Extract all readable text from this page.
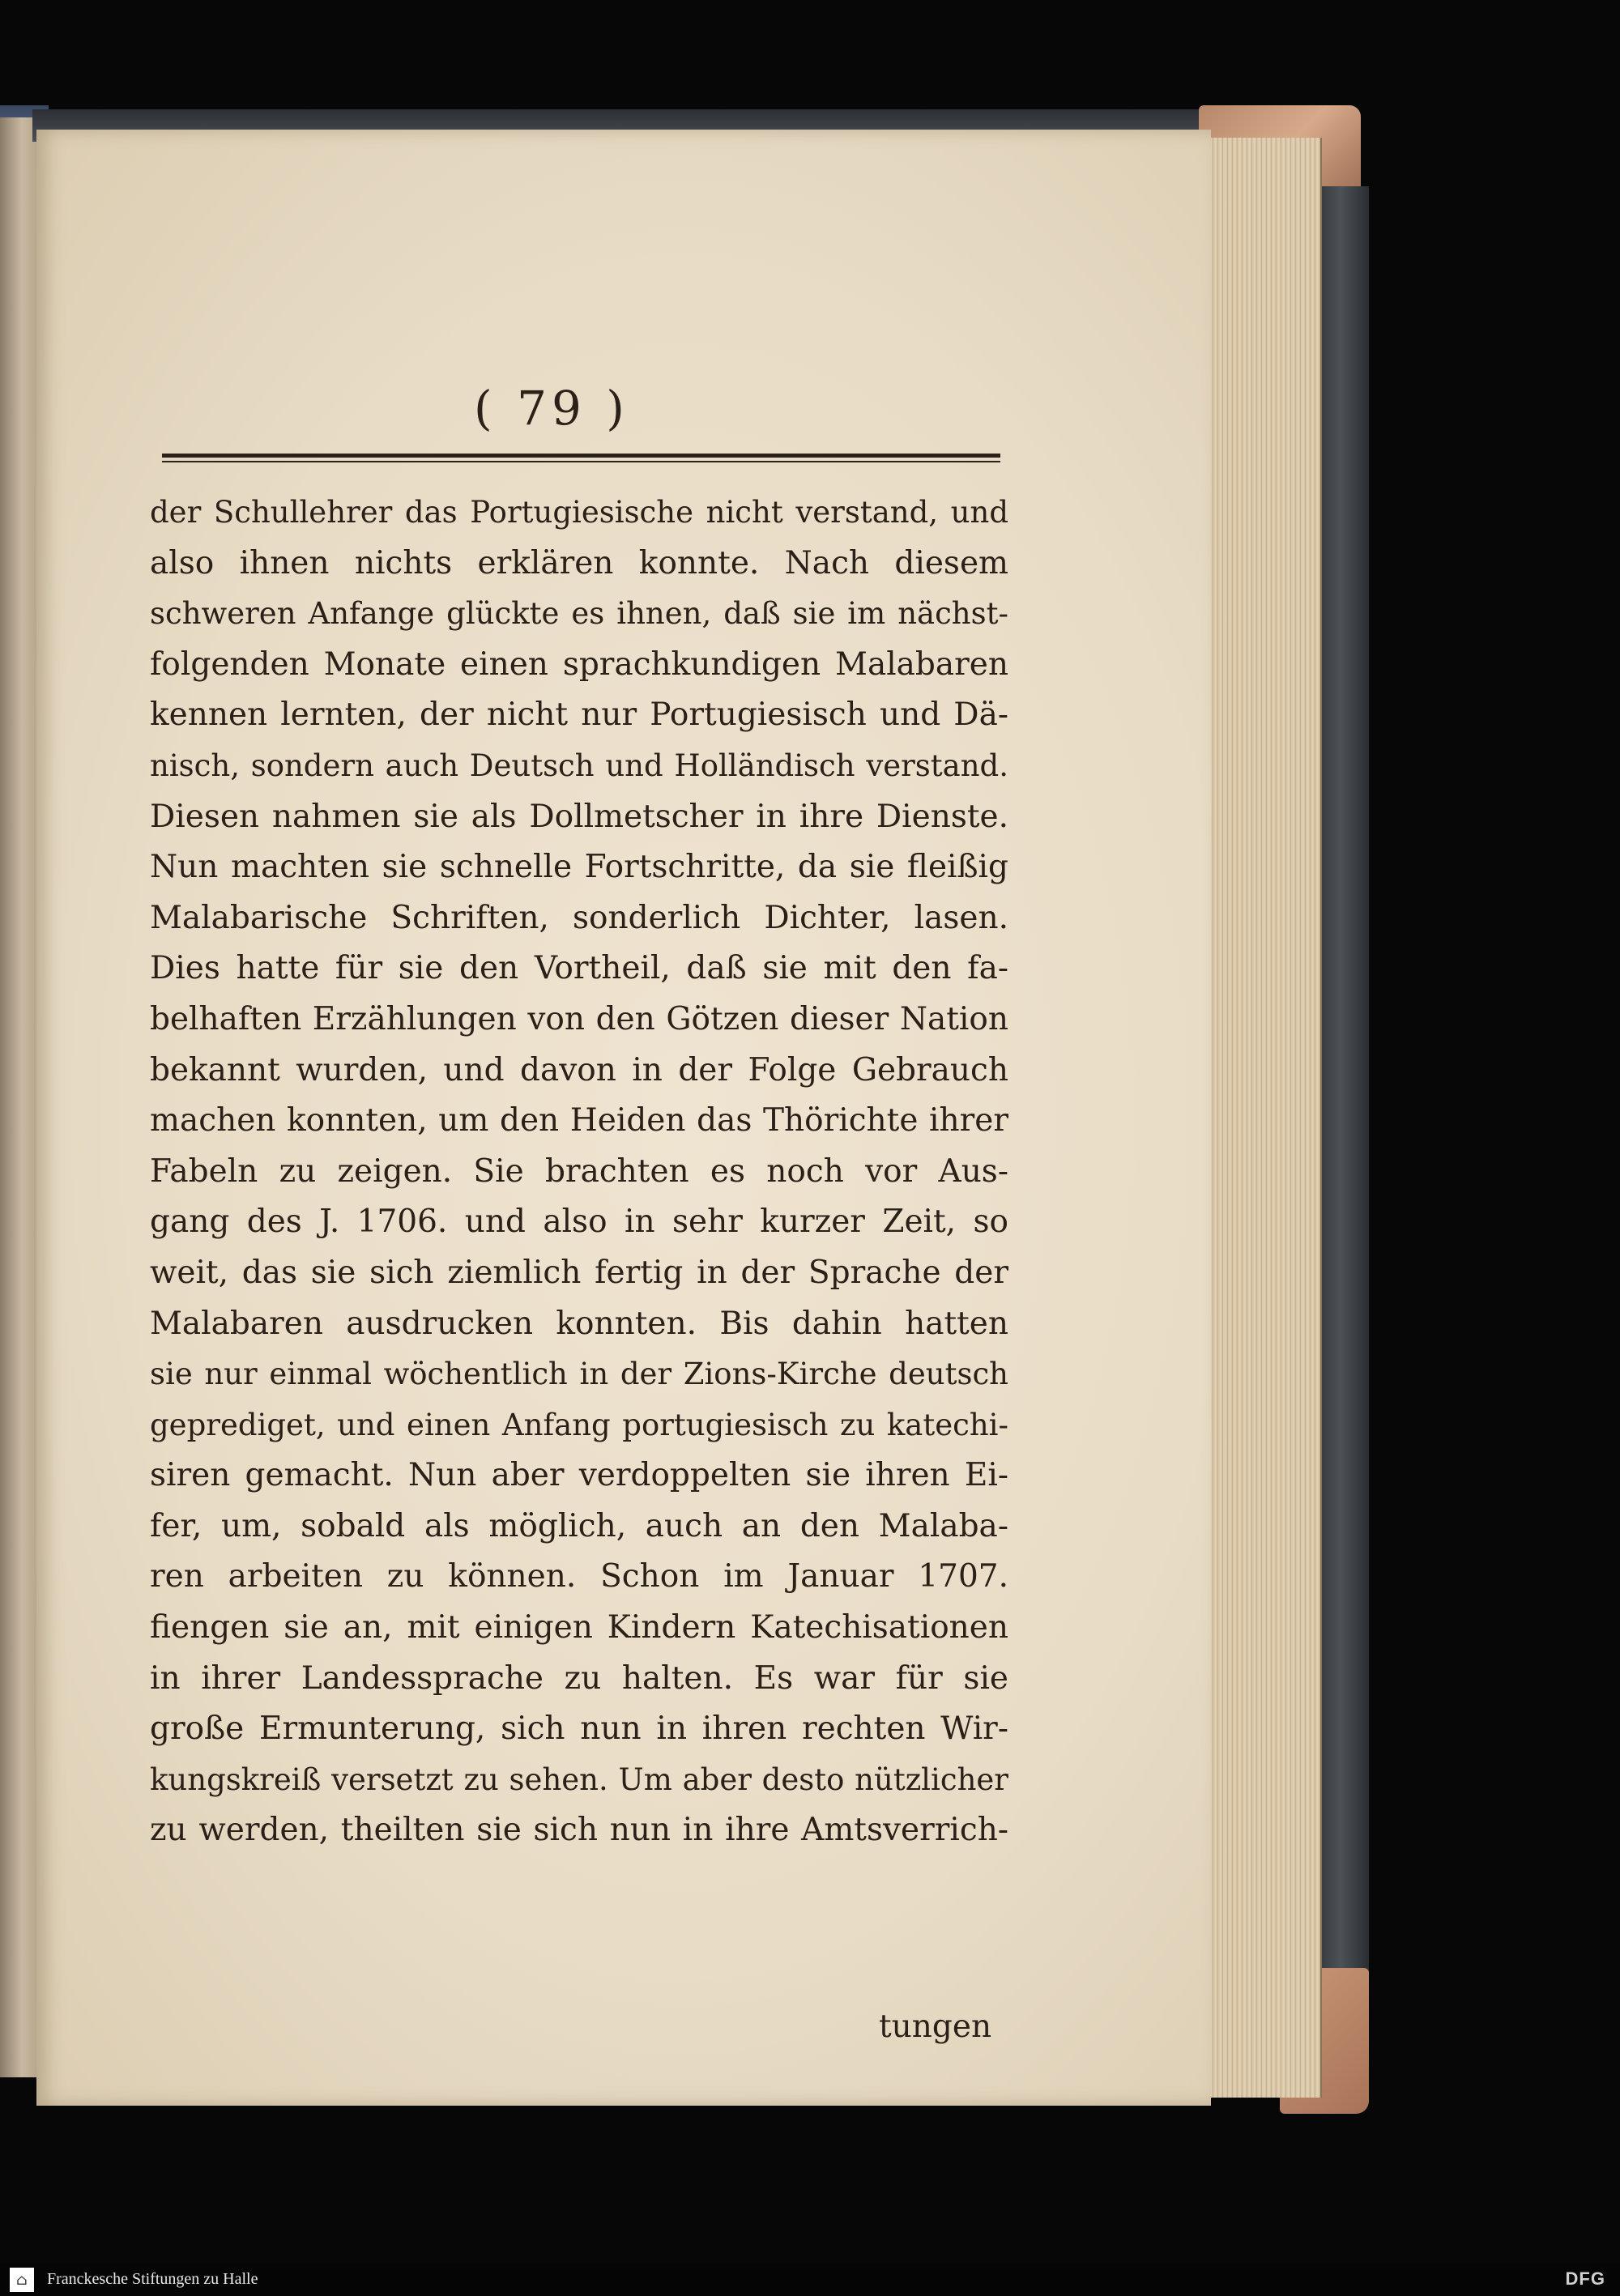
( 79 )
der Schullehrer das Portugiesische nicht verstand, und
also ihnen nichts erklären konnte. Nach diesem
schweren Anfange glückte es ihnen, daß sie im nächst-
folgenden Monate einen sprachkundigen Malabaren
kennen lernten, der nicht nur Portugiesisch und Dä-
nisch, sondern auch Deutsch und Holländisch verstand.
Diesen nahmen sie als Dollmetscher in ihre Dienste.
Nun machten sie schnelle Fortschritte, da sie fleißig
Malabarische Schriften, sonderlich Dichter, lasen.
Dies hatte für sie den Vortheil, daß sie mit den fa-
belhaften Erzählungen von den Götzen dieser Nation
bekannt wurden, und davon in der Folge Gebrauch
machen konnten, um den Heiden das Thörichte ihrer
Fabeln zu zeigen. Sie brachten es noch vor Aus-
gang des J. 1706. und also in sehr kurzer Zeit, so
weit, das sie sich ziemlich fertig in der Sprache der
Malabaren ausdrucken konnten. Bis dahin hatten
sie nur einmal wöchentlich in der Zions-Kirche deutsch
geprediget, und einen Anfang portugiesisch zu katechi-
siren gemacht. Nun aber verdoppelten sie ihren Ei-
fer, um, sobald als möglich, auch an den Malaba-
ren arbeiten zu können. Schon im Januar 1707.
fiengen sie an, mit einigen Kindern Katechisationen
in ihrer Landessprache zu halten. Es war für sie
große Ermunterung, sich nun in ihren rechten Wir-
kungskreiß versetzt zu sehen. Um aber desto nützlicher
zu werden, theilten sie sich nun in ihre Amtsverrich-
tungen
⌂	Franckesche Stiftungen zu Halle	DFG
